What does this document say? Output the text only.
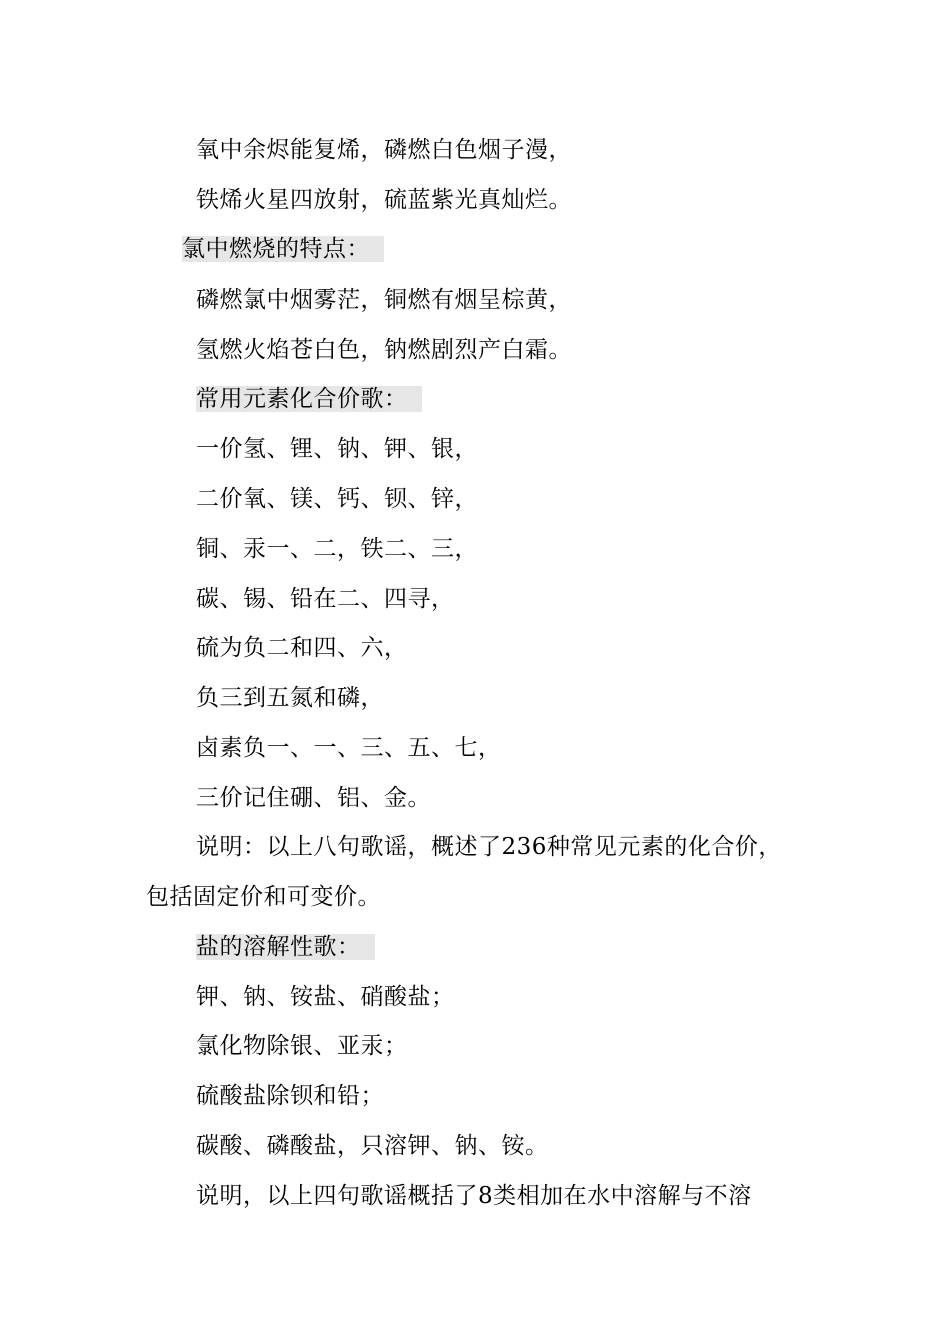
氧中余烬能复烯，磷燃白色烟子漫，
铁烯火星四放射，硫蓝紫光真灿烂。
氯中燃烧的特点：
磷燃氯中烟雾茫，铜燃有烟呈棕黄，
氢燃火焰苍白色，钠燃剧烈产白霜。
常用元素化合价歌：
一价氢、锂、钠、钾、银，
二价氧、镁、钙、钡、锌，
铜、汞一、二，铁二、三，
碳、锡、铅在二、四寻，
硫为负二和四、六，
负三到五氮和磷，
卤素负一、一、三、五、七，
三价记住硼、铝、金。
说明：以上八句歌谣，概述了236种常见元素的化合价，
包括固定价和可变价。
盐的溶解性歌：
钾、钠、铵盐、硝酸盐；
氯化物除银、亚汞；
硫酸盐除钡和铅；
碳酸、磷酸盐，只溶钾、钠、铵。
说明，以上四句歌谣概括了8类相加在水中溶解与不溶
